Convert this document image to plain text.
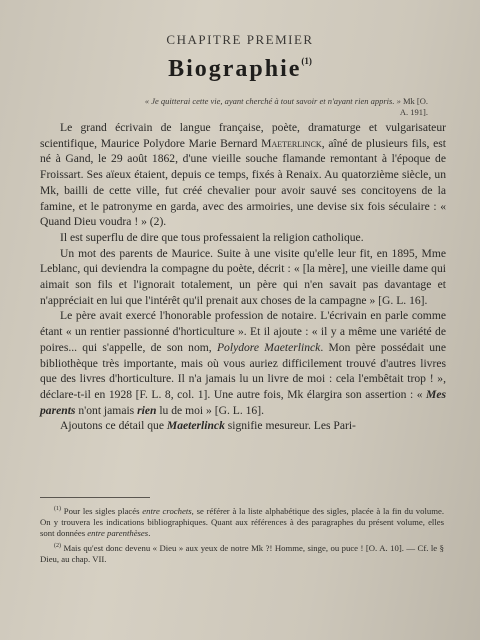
CHAPITRE PREMIER
Biographie$^{(1)}$
« Je quitterai cette vie, ayant cherché à tout savoir et n'ayant rien appris. » Mk [O. A. 191].

Le grand écrivain de langue française, poète, dramaturge et vulgarisateur scientifique, Maurice Polydore Marie Bernard Maeterlinck, aîné de plusieurs fils, est né à Gand, le 29 août 1862, d'une vieille souche flamande remontant à l'époque de Froissart. Ses aïeux étaient, depuis ce temps, fixés à Renaix. Au quatorzième siècle, un Mk, bailli de cette ville, fut créé chevalier pour avoir sauvé ses concitoyens de la famine, et le patronyme en garda, avec des armoiries, une devise six fois séculaire : « Quand Dieu voudra ! » (2).

Il est superflu de dire que tous professaient la religion catholique.

Un mot des parents de Maurice. Suite à une visite qu'elle leur fit, en 1895, Mme Leblanc, qui deviendra la compagne du poète, décrit : « [la mère], une vieille dame qui aimait son fils et l'ignorait totalement, un père qui n'en savait pas davantage et n'appréciait en lui que l'intérêt qu'il prenait aux choses de la campagne » [G. L. 16].

Le père avait exercé l'honorable profession de notaire. L'écrivain en parle comme étant « un rentier passionné d'horticulture ». Et il ajoute : « il y a même une variété de poires... qui s'appelle, de son nom, Polydore Maeterlinck. Mon père possédait une bibliothèque très importante, mais où vous auriez difficilement trouvé d'autres livres que des livres d'horticulture. Il n'a jamais lu un livre de moi : cela l'embêtait trop ! », déclare-t-il en 1928 [F. L. 8, col. 1]. Une autre fois, Mk élargira son assertion : « Mes parents n'ont jamais rien lu de moi » [G. L. 16].

Ajoutons ce détail que Maeterlinck signifie mesureur. Les Pari-

$^{(1)}$ Pour les sigles placés entre crochets, se référer à la liste alphabétique des sigles, placée à la fin du volume. On y trouvera les indications bibliographiques. Quant aux références à des paragraphes du présent volume, elles sont données entre parenthèses.

$^{(2)}$ Mais qu'est donc devenu « Dieu » aux yeux de notre Mk ?! Homme, singe, ou puce ! [O. A. 10]. — Cf. le § Dieu, au chap. VII.
